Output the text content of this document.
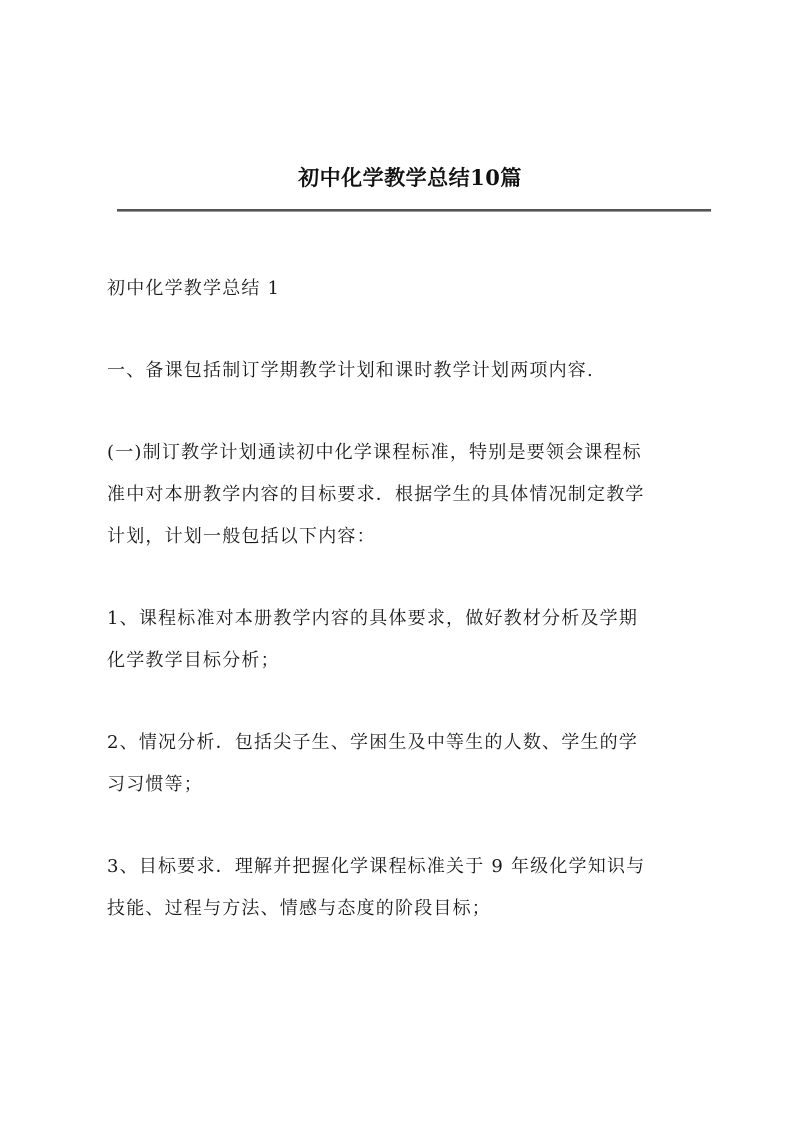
初中化学教学总结10篇

初中化学教学总结 1

一、备课包括制订学期教学计划和课时教学计划两项内容.

(一)制订教学计划通读初中化学课程标准，特别是要领会课程标
准中对本册教学内容的目标要求．根据学生的具体情况制定教学
计划，计划一般包括以下内容：

1、课程标准对本册教学内容的具体要求，做好教材分析及学期
化学教学目标分析；

2、情况分析．包括尖子生、学困生及中等生的人数、学生的学
习习惯等；

3、目标要求．理解并把握化学课程标准关于 9 年级化学知识与
技能、过程与方法、情感与态度的阶段目标；
